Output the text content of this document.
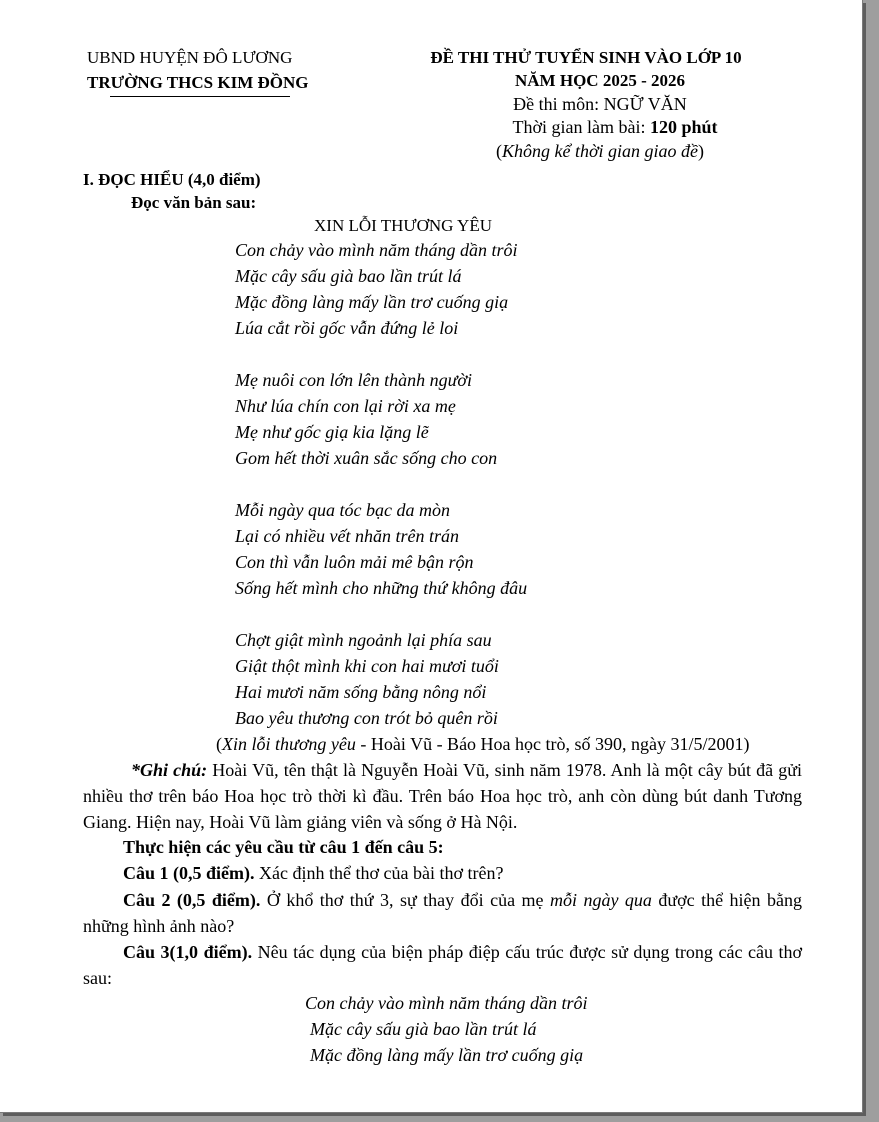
UBND HUYỆN ĐÔ LƯƠNG
TRƯỜNG THCS KIM ĐỒNG
ĐỀ THI THỬ TUYỂN SINH VÀO LỚP 10
NĂM HỌC 2025 - 2026
Đề thi môn: NGỮ VĂN
Thời gian làm bài: 120 phút
(Không kể thời gian giao đề)
I. ĐỌC HIỂU (4,0 điểm)
Đọc văn bản sau:
XIN LỖI THƯƠNG YÊU
Con chảy vào mình năm tháng dần trôi
Mặc cây sấu già bao lần trút lá
Mặc đồng làng mấy lần trơ cuống giạ
Lúa cắt rồi gốc vẫn đứng lẻ loi
Mẹ nuôi con lớn lên thành người
Như lúa chín con lại rời xa mẹ
Mẹ như gốc giạ kia lặng lẽ
Gom hết thời xuân sắc sống cho con
Mỗi ngày qua tóc bạc da mòn
Lại có nhiều vết nhăn trên trán
Con thì vẫn luôn mải mê bận rộn
Sống hết mình cho những thứ không đâu
Chợt giật mình ngoảnh lại phía sau
Giật thột mình khi con hai mươi tuổi
Hai mươi năm sống bằng nông nổi
Bao yêu thương con trót bỏ quên rồi
(Xin lỗi thương yêu - Hoài Vũ - Báo Hoa học trò, số 390, ngày 31/5/2001)
*Ghi chú: Hoài Vũ, tên thật là Nguyễn Hoài Vũ, sinh năm 1978. Anh là một cây bút đã gửi nhiều thơ trên báo Hoa học trò thời kì đầu. Trên báo Hoa học trò, anh còn dùng bút danh Tương Giang. Hiện nay, Hoài Vũ làm giảng viên và sống ở Hà Nội.
Thực hiện các yêu cầu từ câu 1 đến câu 5:
Câu 1 (0,5 điểm). Xác định thể thơ của bài thơ trên?
Câu 2 (0,5 điểm). Ở khổ thơ thứ 3, sự thay đổi của mẹ mỗi ngày qua được thể hiện bằng những hình ảnh nào?
Câu 3(1,0 điểm). Nêu tác dụng của biện pháp điệp cấu trúc được sử dụng trong các câu thơ sau:
Con chảy vào mình năm tháng dần trôi
Mặc cây sấu già bao lần trút lá
Mặc đồng làng mấy lần trơ cuống giạ
